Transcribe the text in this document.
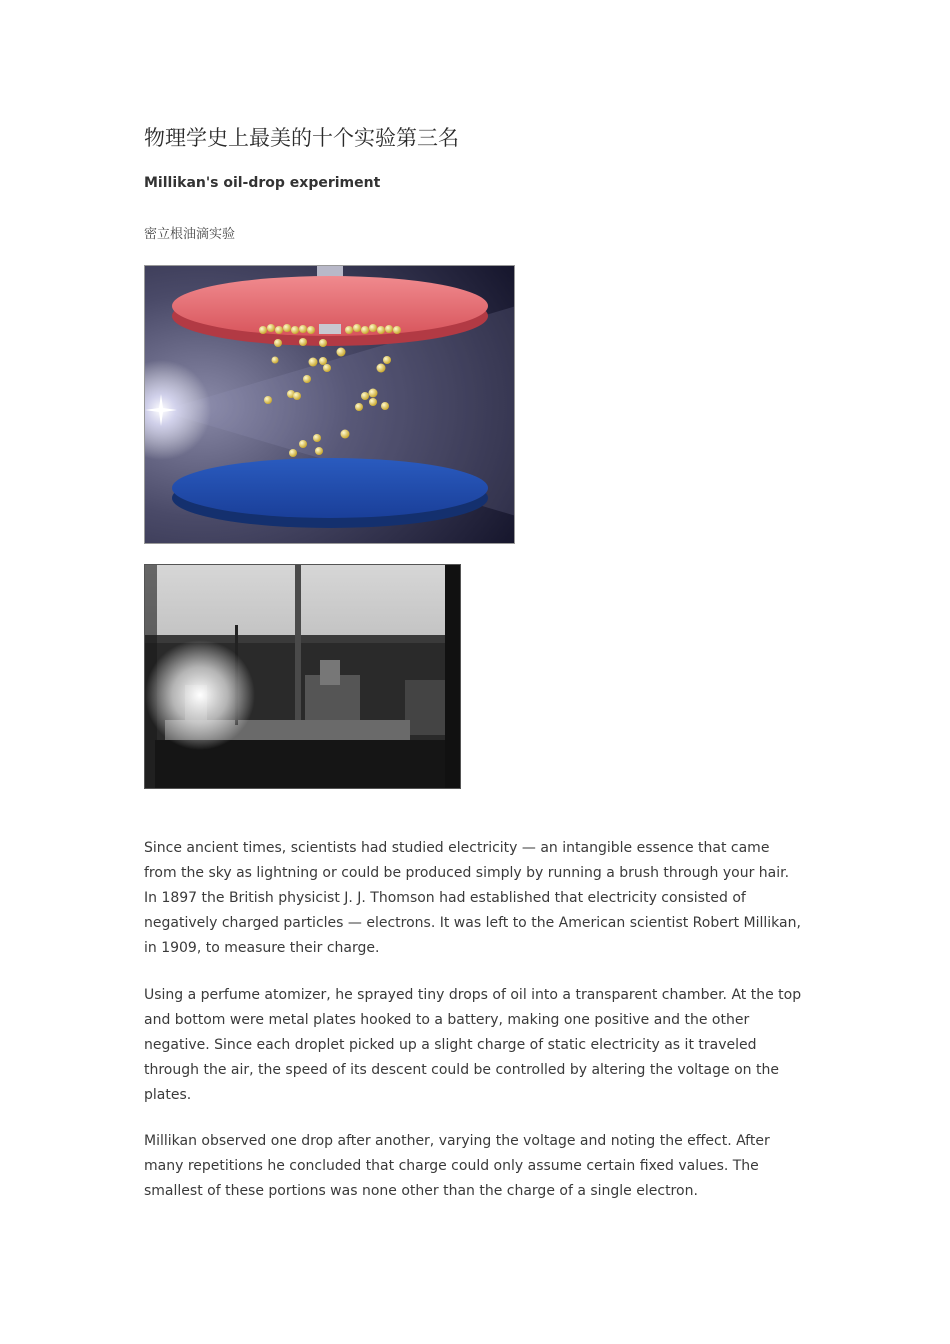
物理学史上最美的十个实验第三名

Millikan's oil-drop experiment

密立根油滴实验

Since ancient times, scientists had studied electricity — an intangible essence that came from the sky as lightning or could be produced simply by running a brush through your hair. In 1897 the British physicist J. J. Thomson had established that electricity consisted of negatively charged particles — electrons. It was left to the American scientist Robert Millikan, in 1909, to measure their charge.

Using a perfume atomizer, he sprayed tiny drops of oil into a transparent chamber. At the top and bottom were metal plates hooked to a battery, making one positive and the other negative. Since each droplet picked up a slight charge of static electricity as it traveled through the air, the speed of its descent could be controlled by altering the voltage on the plates.

Millikan observed one drop after another, varying the voltage and noting the effect. After many repetitions he concluded that charge could only assume certain fixed values. The smallest of these portions was none other than the charge of a single electron.
